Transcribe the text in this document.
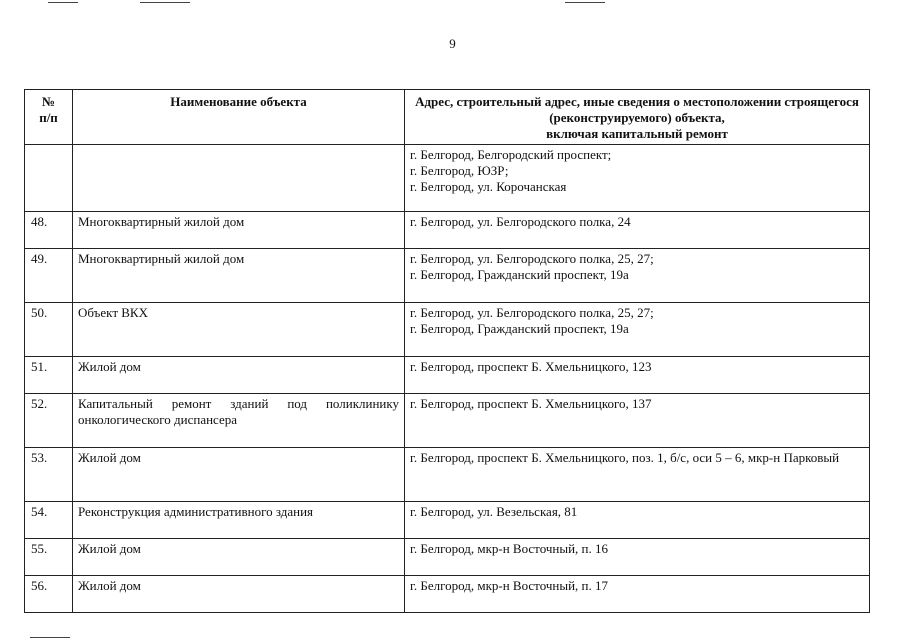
9
№
п/п	Наименование объекта	Адрес, строительный адрес, иные сведения о местоположении строящегося (реконструируемого) объекта,
включая капитальный ремонт

		г. Белгород, Белгородский проспект;
г. Белгород, ЮЗР;
г. Белгород, ул. Корочанская

48.	Многоквартирный жилой дом	г. Белгород, ул. Белгородского полка, 24

49.	Многоквартирный жилой дом	г. Белгород, ул. Белгородского полка, 25, 27;
г. Белгород, Гражданский проспект, 19а

50.	Объект ВКХ	г. Белгород, ул. Белгородского полка, 25, 27;
г. Белгород, Гражданский проспект, 19а

51.	Жилой дом	г. Белгород, проспект Б. Хмельницкого, 123

52.	Капитальный ремонт зданий под поликлинику онкологического диспансера	г. Белгород, проспект Б. Хмельницкого, 137

53.	Жилой дом	г. Белгород, проспект Б. Хмельницкого, поз. 1, б/с, оси 5 – 6, мкр-н Парковый

54.	Реконструкция административного здания	г. Белгород, ул. Везельская, 81

55.	Жилой дом	г. Белгород, мкр-н Восточный, п. 16

56.	Жилой дом	г. Белгород, мкр-н Восточный, п. 17
